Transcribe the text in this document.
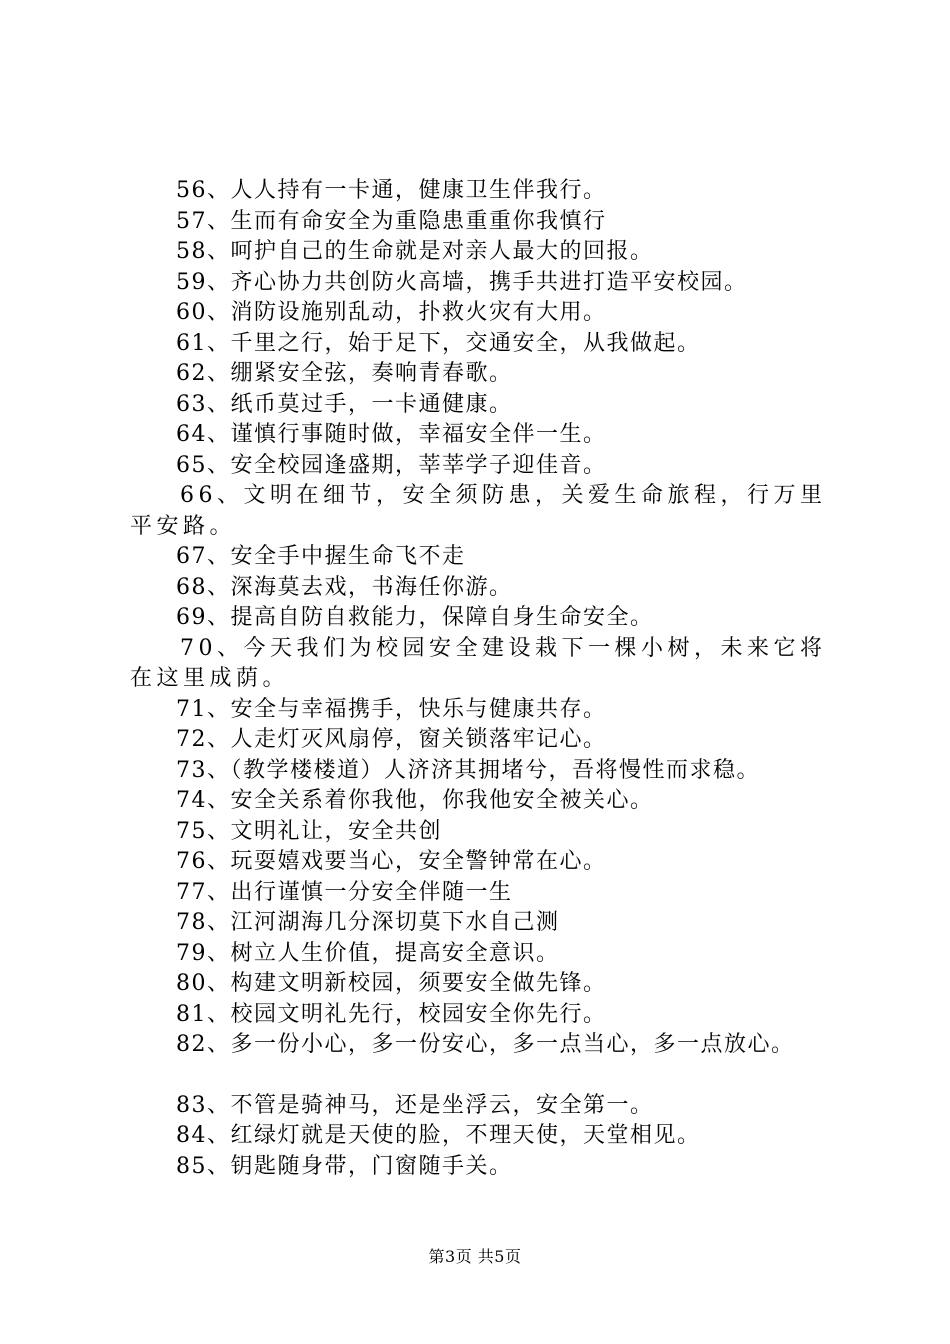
56、人人持有一卡通，健康卫生伴我行。
57、生而有命安全为重隐患重重你我慎行
58、呵护自己的生命就是对亲人最大的回报。
59、齐心协力共创防火高墙，携手共进打造平安校园。
60、消防设施别乱动，扑救火灾有大用。
61、千里之行，始于足下，交通安全，从我做起。
62、绷紧安全弦，奏响青春歌。
63、纸币莫过手，一卡通健康。
64、谨慎行事随时做，幸福安全伴一生。
65、安全校园逢盛期，莘莘学子迎佳音。
66、文明在细节，安全须防患，关爱生命旅程，行万里平安路。
67、安全手中握生命飞不走
68、深海莫去戏，书海任你游。
69、提高自防自救能力，保障自身生命安全。
70、今天我们为校园安全建设栽下一棵小树，未来它将在这里成荫。
71、安全与幸福携手，快乐与健康共存。
72、人走灯灭风扇停，窗关锁落牢记心。
73、（教学楼楼道）人济济其拥堵兮，吾将慢性而求稳。
74、安全关系着你我他，你我他安全被关心。
75、文明礼让，安全共创
76、玩耍嬉戏要当心，安全警钟常在心。
77、出行谨慎一分安全伴随一生
78、江河湖海几分深切莫下水自己测
79、树立人生价值，提高安全意识。
80、构建文明新校园，须要安全做先锋。
81、校园文明礼先行，校园安全你先行。
82、多一份小心，多一份安心，多一点当心，多一点放心。
83、不管是骑神马，还是坐浮云，安全第一。
84、红绿灯就是天使的脸，不理天使，天堂相见。
85、钥匙随身带，门窗随手关。
第3页 共5页
